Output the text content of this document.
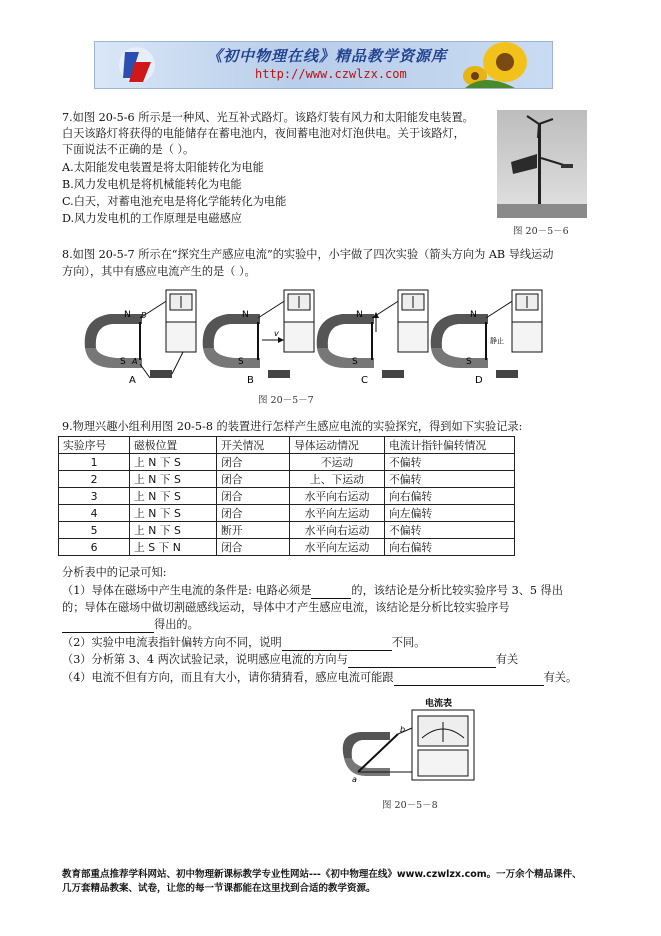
《初中物理在线》精品教学资源库
http://www.czwlzx.com
7.如图 20-5-6 所示是一种风、光互补式路灯。该路灯装有风力和太阳能发电装置。
白天该路灯将获得的电能储存在蓄电池内，夜间蓄电池对灯泡供电。关于该路灯，
下面说法不正确的是（ ）。
A.太阳能发电装置是将太阳能转化为电能
B.风力发电机是将机械能转化为电能
C.白天，对蓄电池充电是将化学能转化为电能
D.风力发电机的工作原理是电磁感应
图 20－5－6
8.如图 20-5-7 所示在“探究生产感应电流”的实验中，小宇做了四次实验（箭头方向为 AB 导线运动
方向），其中有感应电流产生的是（ ）。
N
S
B
A
A
N
S
v
B
N
S
C
N
S
静止
D
图 20－5－7
9.物理兴趣小组利用图 20-5-8 的装置进行怎样产生感应电流的实验探究，得到如下实验记录:
实验序号	磁极位置	开关情况	导体运动情况	电流计指针偏转情况
1	上 N 下 S	闭合	不运动	不偏转
2	上 N 下 S	闭合	上、下运动	不偏转
3	上 N 下 S	闭合	水平向右运动	向右偏转
4	上 N 下 S	闭合	水平向左运动	向左偏转
5	上 N 下 S	断开	水平向右运动	不偏转
6	上 S 下 N	闭合	水平向左运动	向右偏转
分析表中的记录可知:
（1）导体在磁场中产生电流的条件是: 电路必须是	的，该结论是分析比较实验序号 3、5 得出
的；导体在磁场中做切割磁感线运动，导体中才产生感应电流，该结论是分析比较实验序号
得出的。
（2）实验中电流表指针偏转方向不同，说明	不同。
（3）分析第 3、4 两次试验记录，说明感应电流的方向与	有关
（4）电流不但有方向，而且有大小，请你猜猜看，感应电流可能跟	有关。
电流表
b
a
图 20－5－8
教育部重点推荐学科网站、初中物理新课标教学专业性网站---《初中物理在线》www.czwlzx.com。一万余个精品课件、
几万套精品教案、试卷，让您的每一节课都能在这里找到合适的教学资源。
